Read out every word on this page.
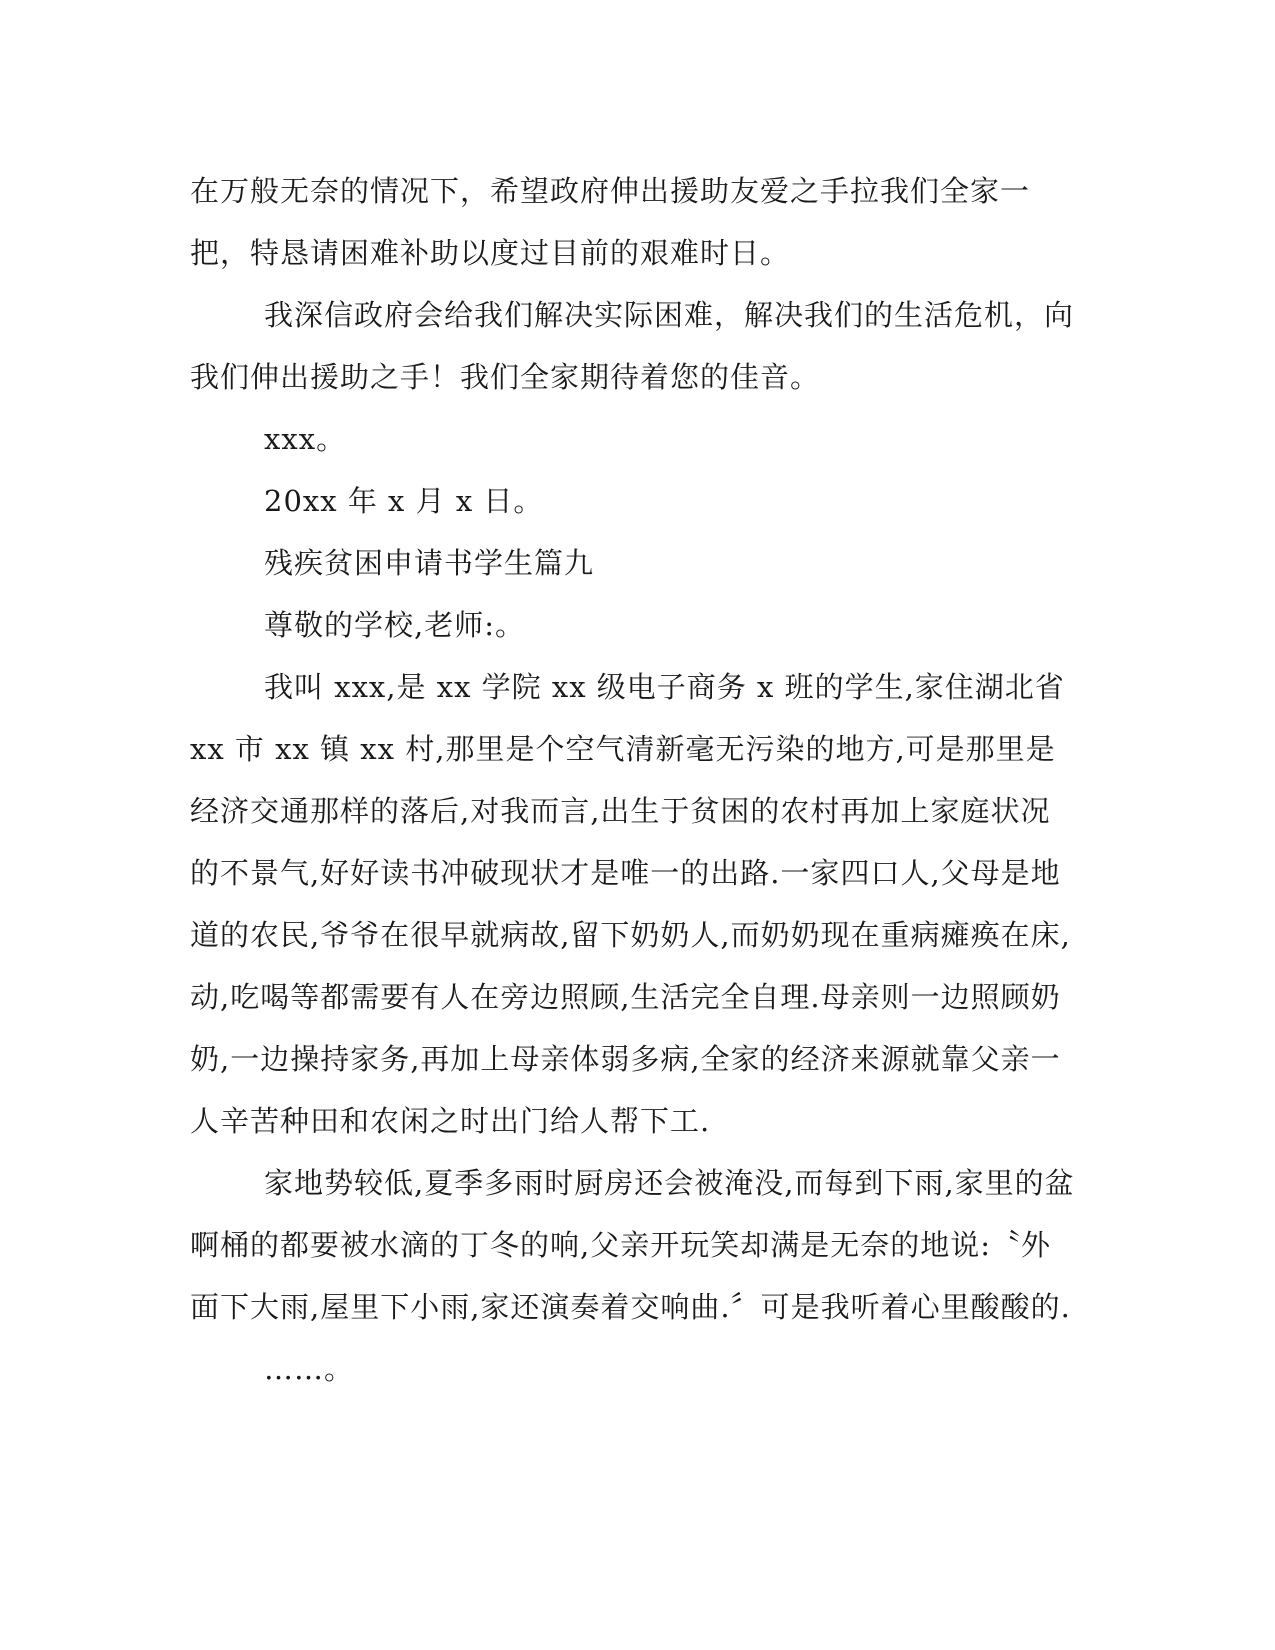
在万般无奈的情况下，希望政府伸出援助友爱之手拉我们全家一把，特恳请困难补助以度过目前的艰难时日。

我深信政府会给我们解决实际困难，解决我们的生活危机，向我们伸出援助之手！我们全家期待着您的佳音。

xxx。

20xx 年 x 月 x 日。

残疾贫困申请书学生篇九

尊敬的学校,老师:。

我叫 xxx,是 xx 学院 xx 级电子商务 x 班的学生,家住湖北省 xx 市 xx 镇 xx 村,那里是个空气清新毫无污染的地方,可是那里是经济交通那样的落后,对我而言,出生于贫困的农村再加上家庭状况的不景气,好好读书冲破现状才是唯一的出路.一家四口人,父母是地道的农民,爷爷在很早就病故,留下奶奶人,而奶奶现在重病瘫痪在床,动,吃喝等都需要有人在旁边照顾,生活完全自理.母亲则一边照顾奶奶,一边操持家务,再加上母亲体弱多病,全家的经济来源就靠父亲一人辛苦种田和农闲之时出门给人帮下工.

家地势较低,夏季多雨时厨房还会被淹没,而每到下雨,家里的盆啊桶的都要被水滴的丁冬的响,父亲开玩笑却满是无奈的地说:〝外面下大雨,屋里下小雨,家还演奏着交响曲.〞可是我听着心里酸酸的.

……。
